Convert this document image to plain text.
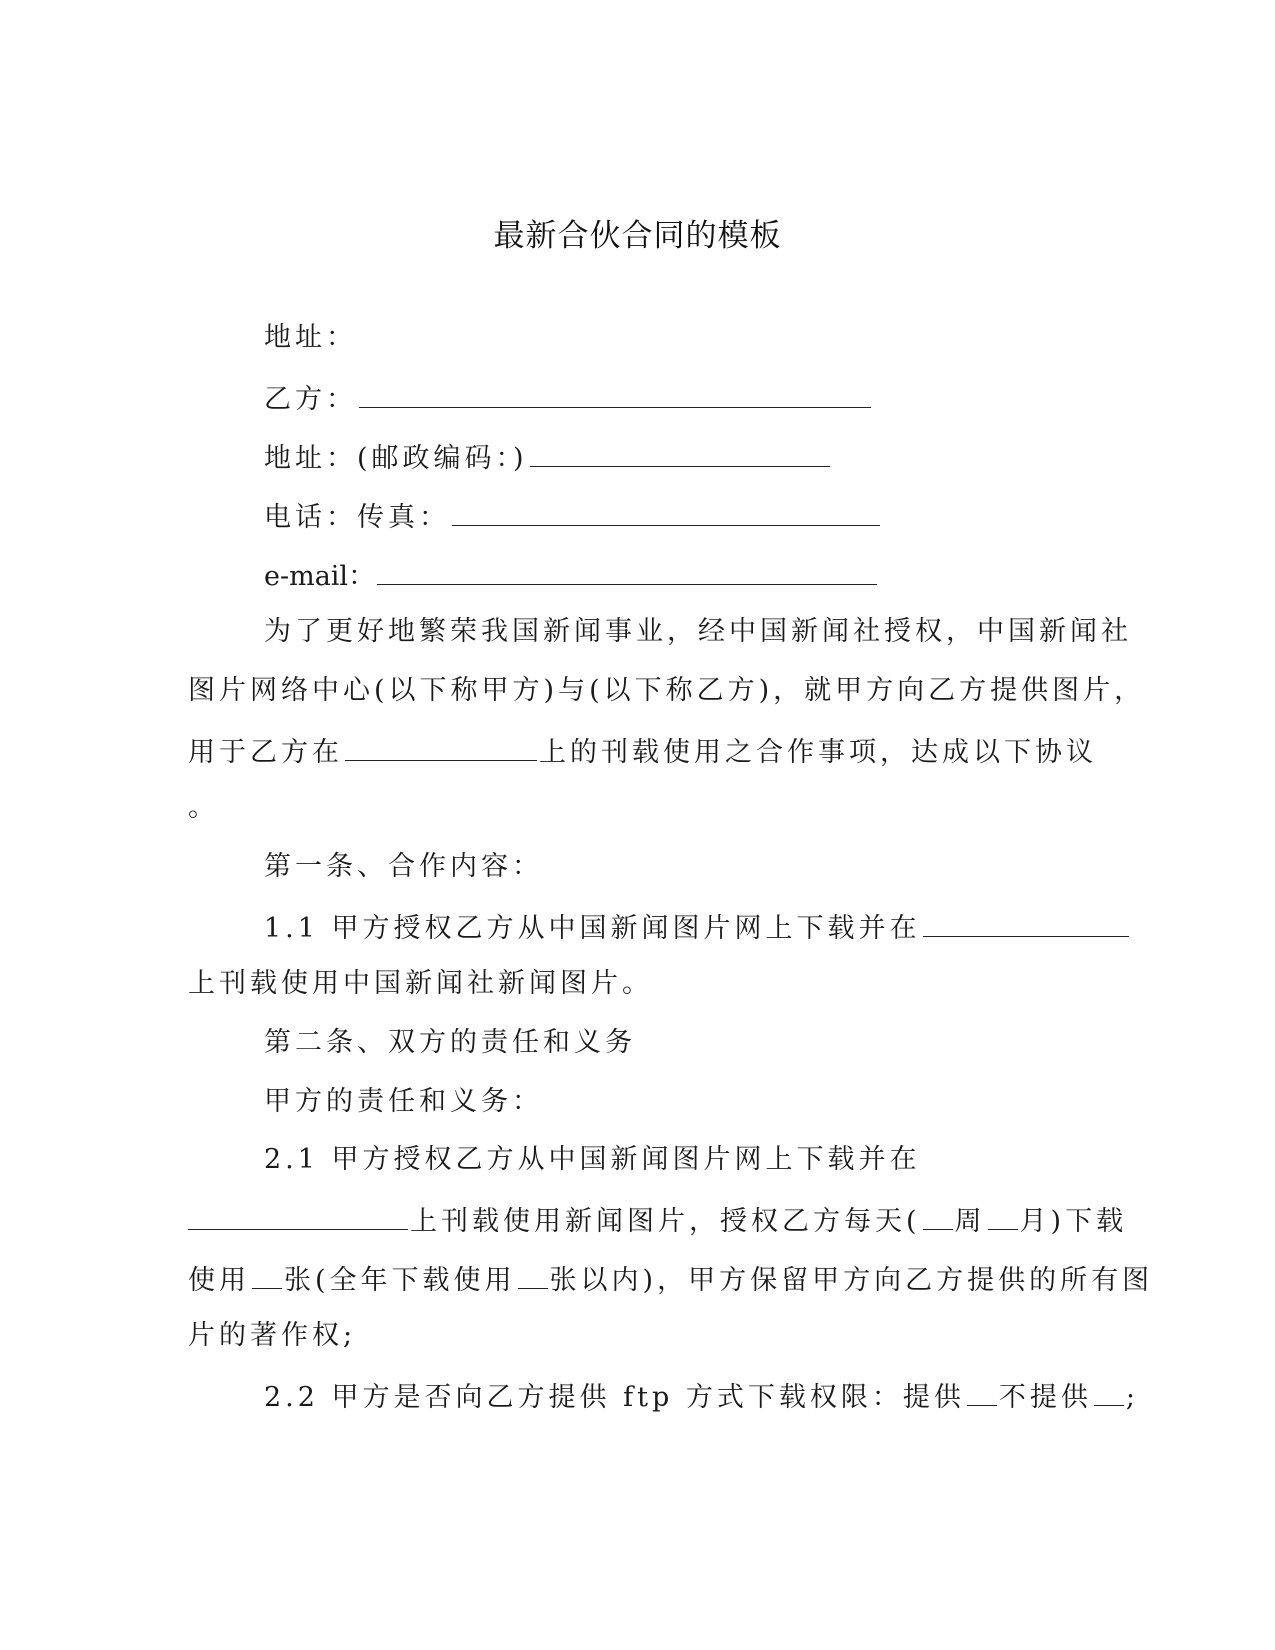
最新合伙合同的模板
地址：
乙方：
地址：(邮政编码：)
电话：传真：
e-mail：
为了更好地繁荣我国新闻事业，经中国新闻社授权，中国新闻社
图片网络中心(以下称甲方)与(以下称乙方)，就甲方向乙方提供图片，
用于乙方在	上的刊载使用之合作事项，达成以下协议
。
第一条、合作内容：
1.1 甲方授权乙方从中国新闻图片网上下载并在
上刊载使用中国新闻社新闻图片。
第二条、双方的责任和义务
甲方的责任和义务：
2.1 甲方授权乙方从中国新闻图片网上下载并在
上刊载使用新闻图片，授权乙方每天( 周 月)下载
使用 张(全年下载使用 张以内)，甲方保留甲方向乙方提供的所有图
片的著作权;
2.2 甲方是否向乙方提供 ftp 方式下载权限：提供 不提供 ;
